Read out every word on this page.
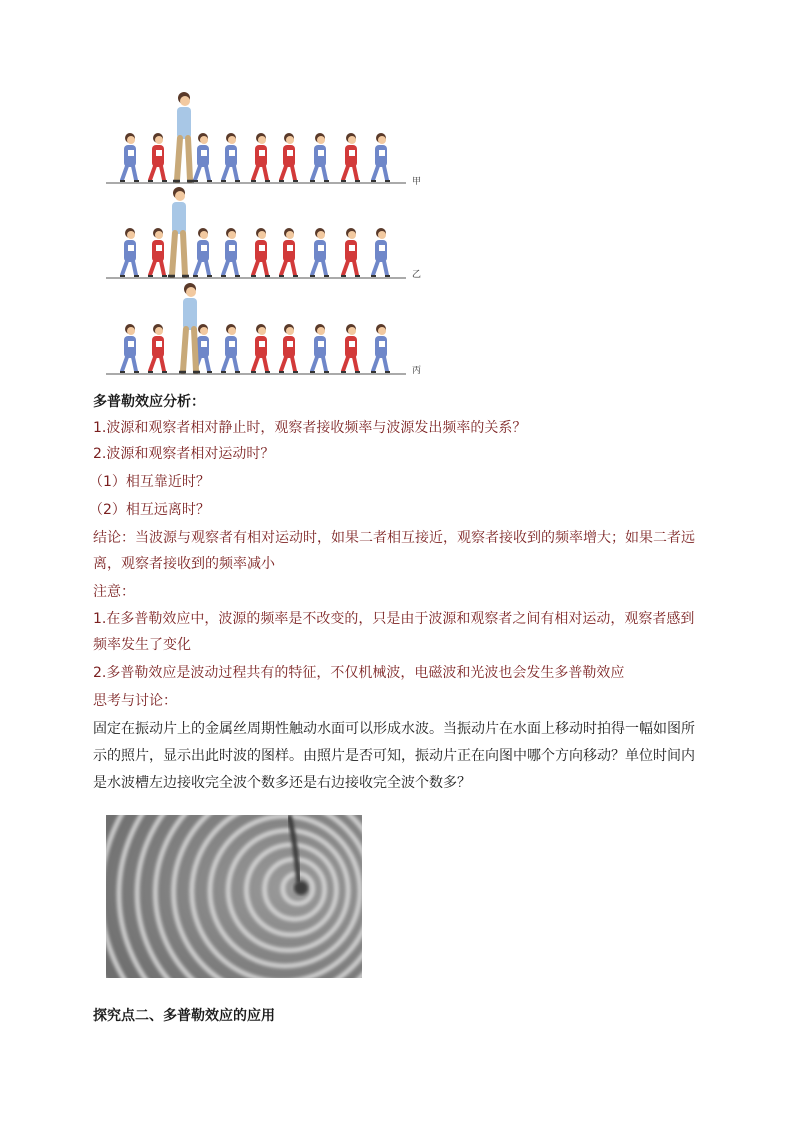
甲
乙
丙
多普勒效应分析：
1.波源和观察者相对静止时，观察者接收频率与波源发出频率的关系？
2.波源和观察者相对运动时？
（1）相互靠近时？
（2）相互远离时？
结论：当波源与观察者有相对运动时，如果二者相互接近，观察者接收到的频率增大；如果二者远
离，观察者接收到的频率减小
注意：
1.在多普勒效应中，波源的频率是不改变的，只是由于波源和观察者之间有相对运动，观察者感到
频率发生了变化
2.多普勒效应是波动过程共有的特征，不仅机械波，电磁波和光波也会发生多普勒效应
思考与讨论：
固定在振动片上的金属丝周期性触动水面可以形成水波。当振动片在水面上移动时拍得一幅如图所
示的照片，显示出此时波的图样。由照片是否可知，振动片正在向图中哪个方向移动？单位时间内
是水波槽左边接收完全波个数多还是右边接收完全波个数多？
探究点二、多普勒效应的应用
